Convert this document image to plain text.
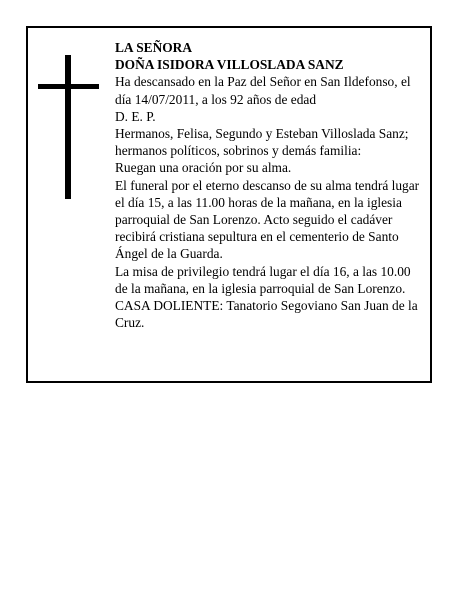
LA SEÑORA

DOÑA ISIDORA VILLOSLADA SANZ

Ha descansado en la Paz del Señor en San Ildefonso, el día 14/07/2011, a los 92 años de edad

D. E. P.

Hermanos, Felisa, Segundo y Esteban Villoslada Sanz; hermanos políticos, sobrinos y demás familia:

Ruegan una oración por su alma.

El funeral por el eterno descanso de su alma tendrá lugar el día 15, a las 11.00 horas de la mañana, en la iglesia parroquial de San Lorenzo. Acto seguido el cadáver recibirá cristiana sepultura en el cementerio de Santo Ángel de la Guarda.

La misa de privilegio tendrá lugar el día 16, a las 10.00 de la mañana, en la iglesia parroquial de San Lorenzo.

CASA DOLIENTE: Tanatorio Segoviano San Juan de la Cruz.
